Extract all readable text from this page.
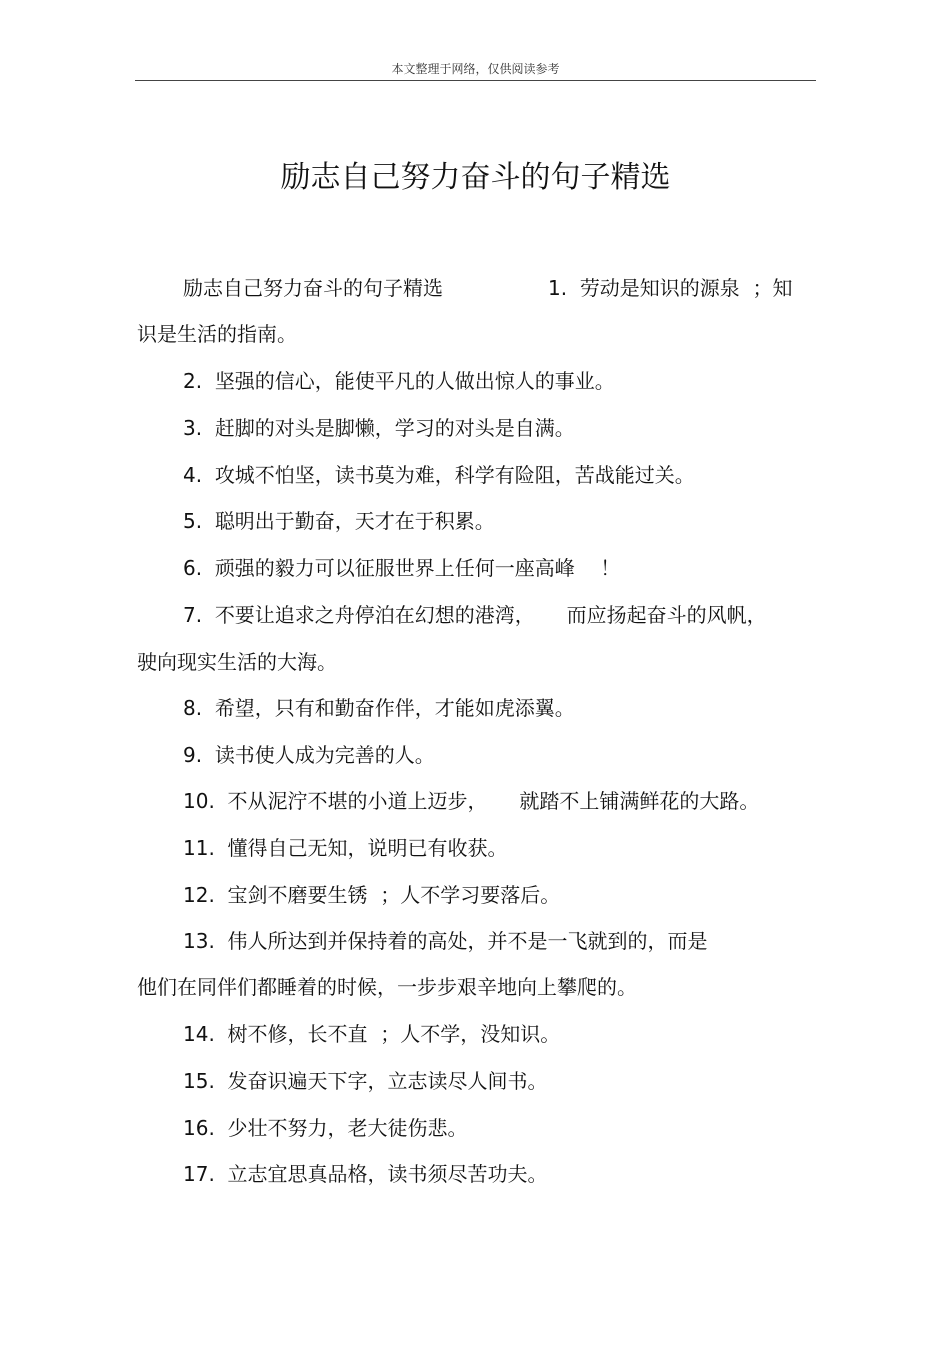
本文整理于网络，仅供阅读参考
励志自己努力奋斗的句子精选
励志自己努力奋斗的句子精选	1. 劳动是知识的源泉  ；知
识是生活的指南。
2. 坚强的信心，能使平凡的人做出惊人的事业。
3. 赶脚的对头是脚懒，学习的对头是自满。
4. 攻城不怕坚，读书莫为难，科学有险阻，苦战能过关。
5. 聪明出于勤奋，天才在于积累。
6. 顽强的毅力可以征服世界上任何一座高峰    ！
7. 不要让追求之舟停泊在幻想的港湾，     而应扬起奋斗的风帆，
驶向现实生活的大海。
8. 希望，只有和勤奋作伴，才能如虎添翼。
9. 读书使人成为完善的人。
10. 不从泥泞不堪的小道上迈步，     就踏不上铺满鲜花的大路。
11. 懂得自己无知，说明已有收获。
12. 宝剑不磨要生锈  ；人不学习要落后。
13. 伟人所达到并保持着的高处，并不是一飞就到的，而是
他们在同伴们都睡着的时候，一步步艰辛地向上攀爬的。
14. 树不修，长不直  ；人不学，没知识。
15. 发奋识遍天下字，立志读尽人间书。
16. 少壮不努力，老大徒伤悲。
17. 立志宜思真品格，读书须尽苦功夫。
